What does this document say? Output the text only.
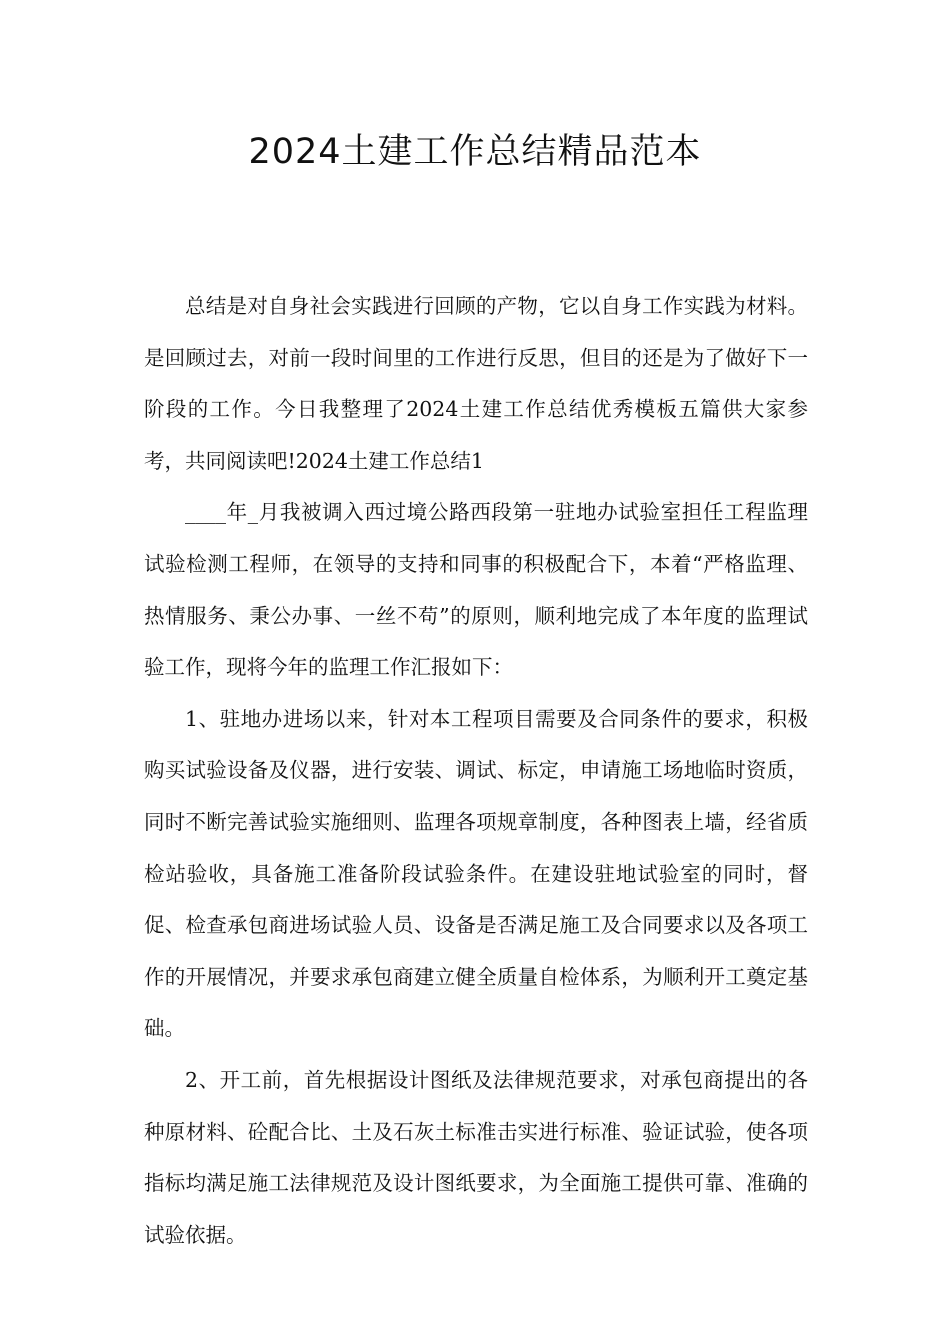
2024土建工作总结精品范本

总结是对自身社会实践进行回顾的产物，它以自身工作实践为材料。是回顾过去，对前一段时间里的工作进行反思，但目的还是为了做好下一阶段的工作。今日我整理了2024土建工作总结优秀模板五篇供大家参考，共同阅读吧!2024土建工作总结1

____年_月我被调入西过境公路西段第一驻地办试验室担任工程监理试验检测工程师，在领导的支持和同事的积极配合下，本着“严格监理、热情服务、秉公办事、一丝不苟”的原则，顺利地完成了本年度的监理试验工作，现将今年的监理工作汇报如下：

1、驻地办进场以来，针对本工程项目需要及合同条件的要求，积极购买试验设备及仪器，进行安装、调试、标定，申请施工场地临时资质，同时不断完善试验实施细则、监理各项规章制度，各种图表上墙，经省质检站验收，具备施工准备阶段试验条件。在建设驻地试验室的同时，督促、检查承包商进场试验人员、设备是否满足施工及合同要求以及各项工作的开展情况，并要求承包商建立健全质量自检体系，为顺利开工奠定基础。

2、开工前，首先根据设计图纸及法律规范要求，对承包商提出的各种原材料、砼配合比、土及石灰土标准击实进行标准、验证试验，使各项指标均满足施工法律规范及设计图纸要求，为全面施工提供可靠、准确的试验依据。
